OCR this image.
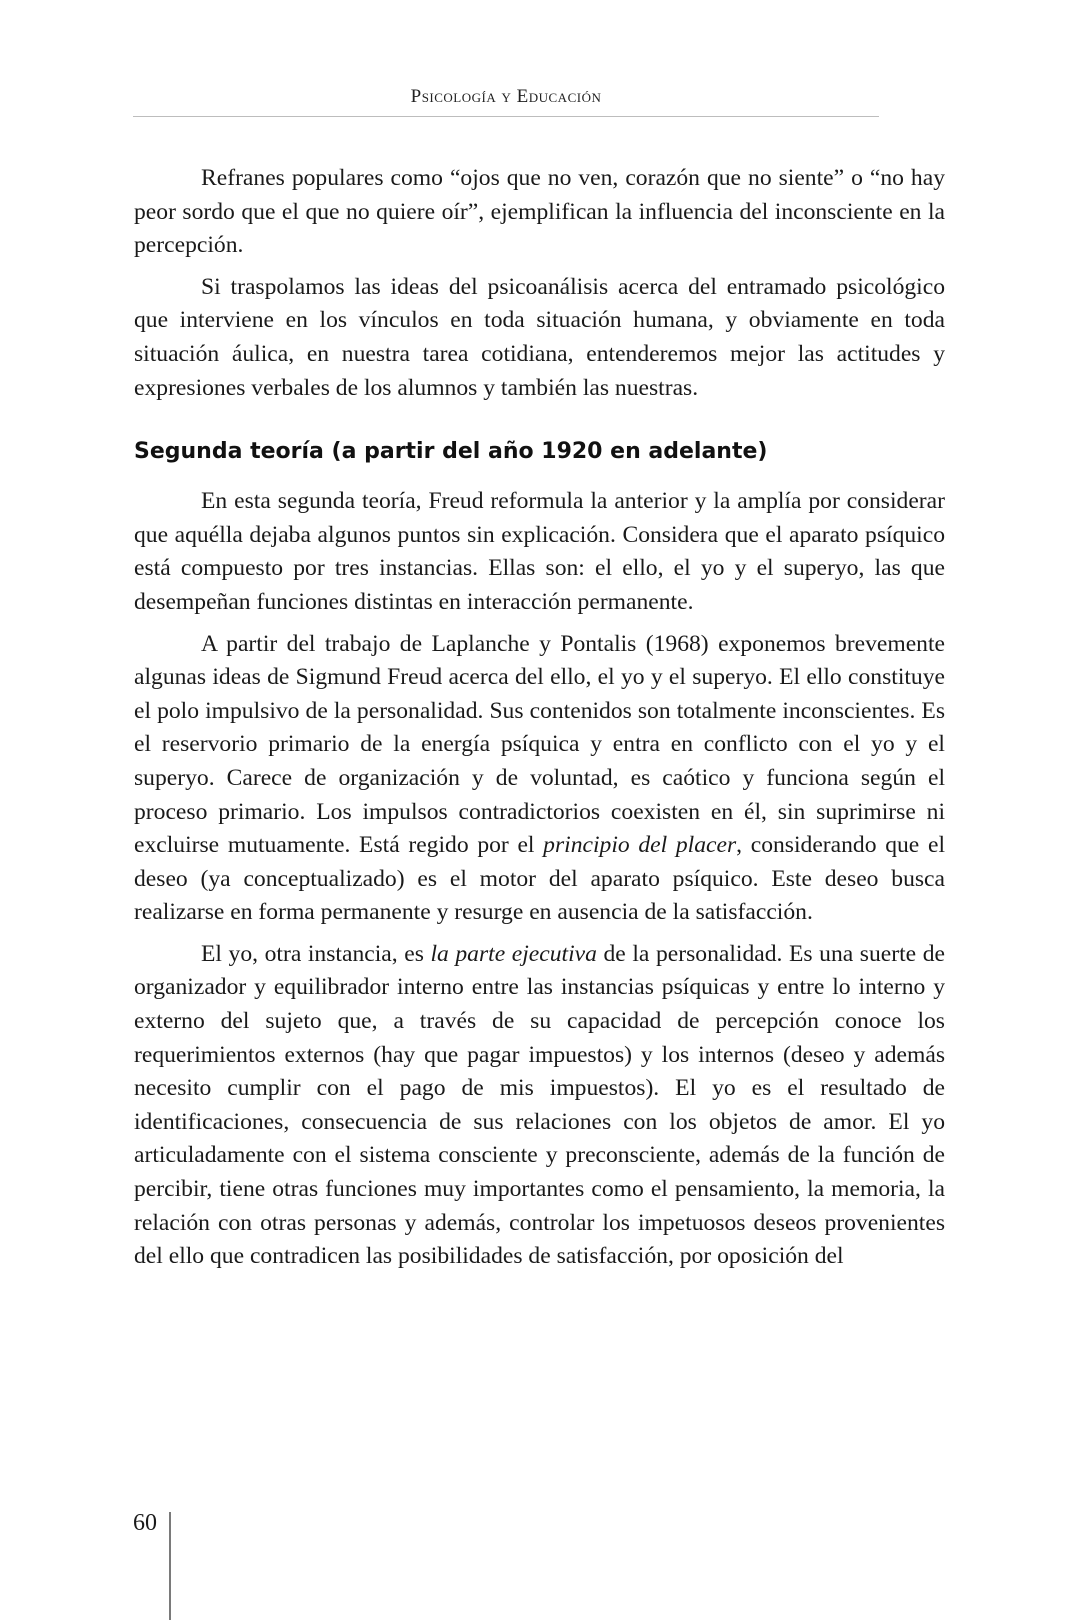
Psicología y Educación

Refranes populares como “ojos que no ven, corazón que no siente” o “no hay peor sordo que el que no quiere oír”, ejemplifican la influencia del inconsciente en la percepción.

Si traspolamos las ideas del psicoanálisis acerca del entramado psicológico que interviene en los vínculos en toda situación humana, y obviamente en toda situación áulica, en nuestra tarea cotidiana, entenderemos mejor las actitudes y expresiones verbales de los alumnos y también las nuestras.

Segunda teoría (a partir del año 1920 en adelante)

En esta segunda teoría, Freud reformula la anterior y la amplía por considerar que aquélla dejaba algunos puntos sin explicación. Considera que el aparato psíquico está compuesto por tres instancias. Ellas son: el ello, el yo y el superyo, las que desempeñan funciones distintas en interacción permanente.

A partir del trabajo de Laplanche y Pontalis (1968) exponemos brevemente algunas ideas de Sigmund Freud acerca del ello, el yo y el superyo. El ello constituye el polo impulsivo de la personalidad. Sus contenidos son totalmente inconscientes. Es el reservorio primario de la energía psíquica y entra en conflicto con el yo y el superyo. Carece de organización y de voluntad, es caótico y funciona según el proceso primario. Los impulsos contradictorios coexisten en él, sin suprimirse ni excluirse mutuamente. Está regido por el principio del placer, considerando que el deseo (ya conceptualizado) es el motor del aparato psíquico. Este deseo busca realizarse en forma permanente y resurge en ausencia de la satisfacción.

El yo, otra instancia, es la parte ejecutiva de la personalidad. Es una suerte de organizador y equilibrador interno entre las instancias psíquicas y entre lo interno y externo del sujeto que, a través de su capacidad de percepción conoce los requerimientos externos (hay que pagar impuestos) y los internos (deseo y además necesito cumplir con el pago de mis impuestos). El yo es el resultado de identificaciones, consecuencia de sus relaciones con los objetos de amor. El yo articuladamente con el sistema consciente y preconsciente, además de la función de percibir, tiene otras funciones muy importantes como el pensamiento, la memoria, la relación con otras personas y además, controlar los impetuosos deseos provenientes del ello que contradicen las posibilidades de satisfacción, por oposición del

60
